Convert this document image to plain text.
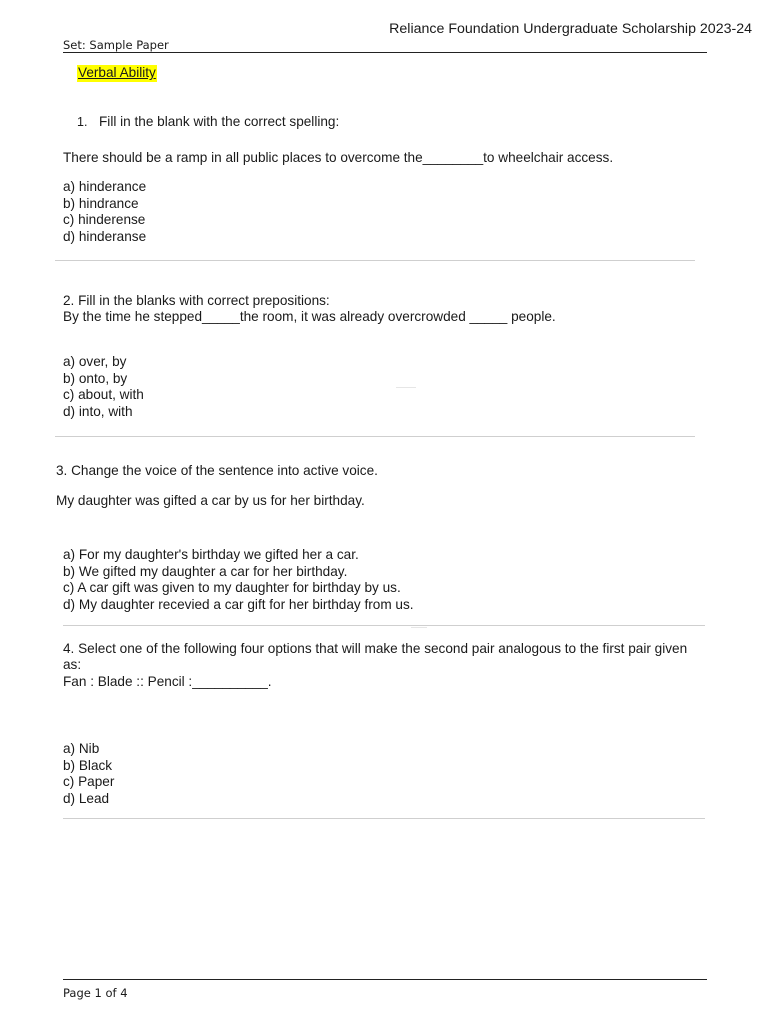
Reliance Foundation Undergraduate Scholarship 2023-24
Set: Sample Paper
Verbal Ability
1. Fill in the blank with the correct spelling:
There should be a ramp in all public places to overcome the________to wheelchair access.
a) hinderance
b) hindrance
c) hinderense
d) hinderanse
2. Fill in the blanks with correct prepositions:
By the time he stepped_____the room, it was already overcrowded _____ people.
a) over, by
b) onto, by
c) about, with
d) into, with
3. Change the voice of the sentence into active voice.
My daughter was gifted a car by us for her birthday.
a) For my daughter's birthday we gifted her a car.
b) We gifted my daughter a car for her birthday.
c) A car gift was given to my daughter for birthday by us.
d) My daughter recevied a car gift for her birthday from us.
4. Select one of the following four options that will make the second pair analogous to the first pair given
as:
Fan : Blade :: Pencil :__________.
a) Nib
b) Black
c) Paper
d) Lead
Page 1 of 4
